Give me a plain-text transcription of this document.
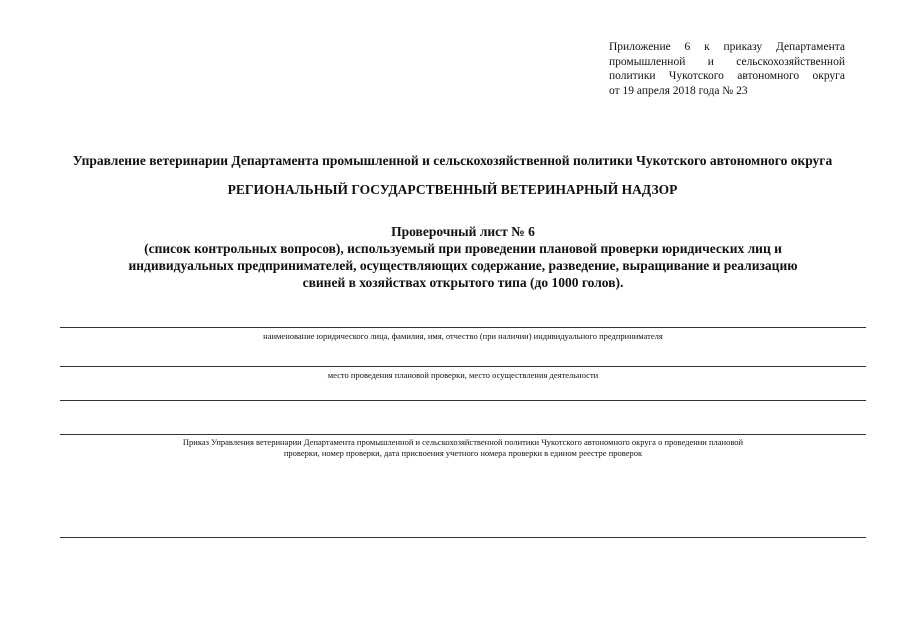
Приложение 6 к приказу Департамента
промышленной и сельскохозяйственной
политики Чукотского автономного округа
от 19 апреля 2018 года № 23
Управление ветеринарии Департамента промышленной и сельскохозяйственной политики Чукотского автономного округа
РЕГИОНАЛЬНЫЙ ГОСУДАРСТВЕННЫЙ ВЕТЕРИНАРНЫЙ НАДЗОР
Проверочный лист № 6
(список контрольных вопросов), используемый при проведении плановой проверки юридических лиц и
индивидуальных предпринимателей, осуществляющих содержание, разведение, выращивание и реализацию
свиней в хозяйствах открытого типа (до 1000 голов).
наименование юридического лица, фамилия, имя, отчество (при наличии) индивидуального предпринимателя
место проведения плановой проверки, место осуществления деятельности
Приказ Управления ветеринарии Департамента промышленной и сельскохозяйственной политики Чукотского автономного округа о проведении плановой
проверки, номер проверки, дата присвоения учетного номера проверки в едином реестре проверок
